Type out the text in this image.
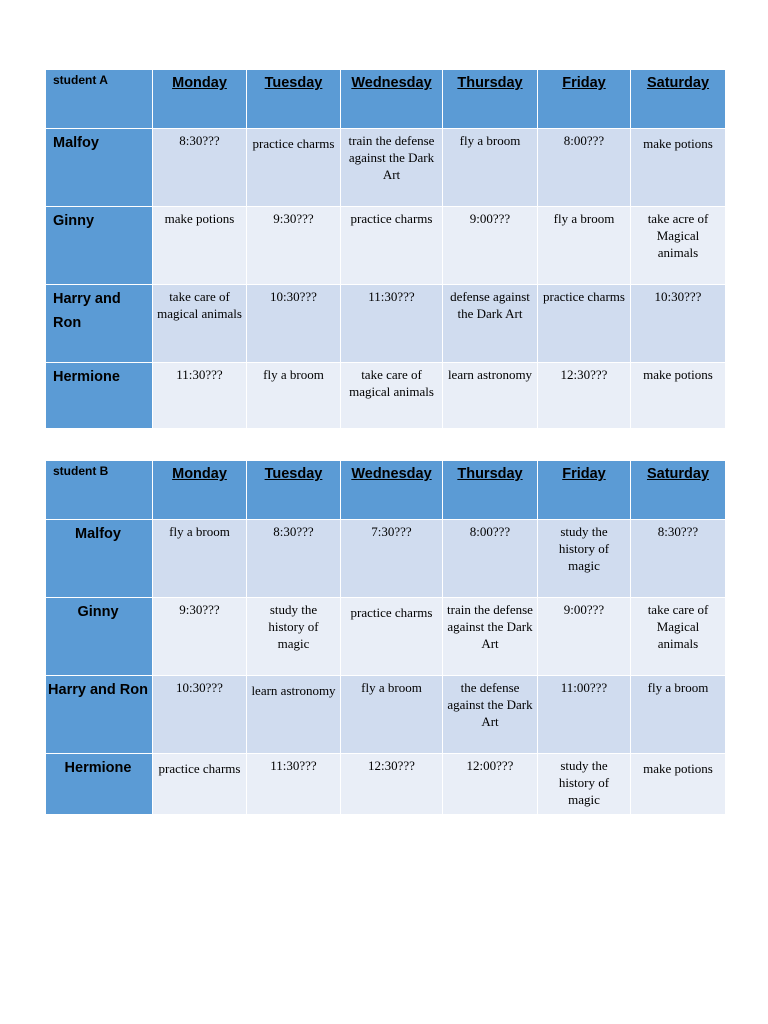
student A	Monday	Tuesday	Wednesday	Thursday	Friday	Saturday
Malfoy	8:30???	practice charms	train the defense against the Dark Art	fly a broom	8:00???	make potions
Ginny	make potions	9:30???	practice charms	9:00???	fly a broom	take acre of Magical animals
Harry and Ron	take care of magical animals	10:30???	11:30???	defense against the Dark Art	practice charms	10:30???
Hermione	11:30???	fly a broom	take care of magical animals	learn astronomy	12:30???	make potions
student B	Monday	Tuesday	Wednesday	Thursday	Friday	Saturday
Malfoy	fly a broom	8:30???	7:30???	8:00???	study the history of magic	8:30???
Ginny	9:30???	study the history of magic	practice charms	train the defense against the Dark Art	9:00???	take care of Magical animals
Harry and Ron	10:30???	learn astronomy	fly a broom	the defense against the Dark Art	11:00???	fly a broom
Hermione	practice charms	11:30???	12:30???	12:00???	study the history of magic	make potions
